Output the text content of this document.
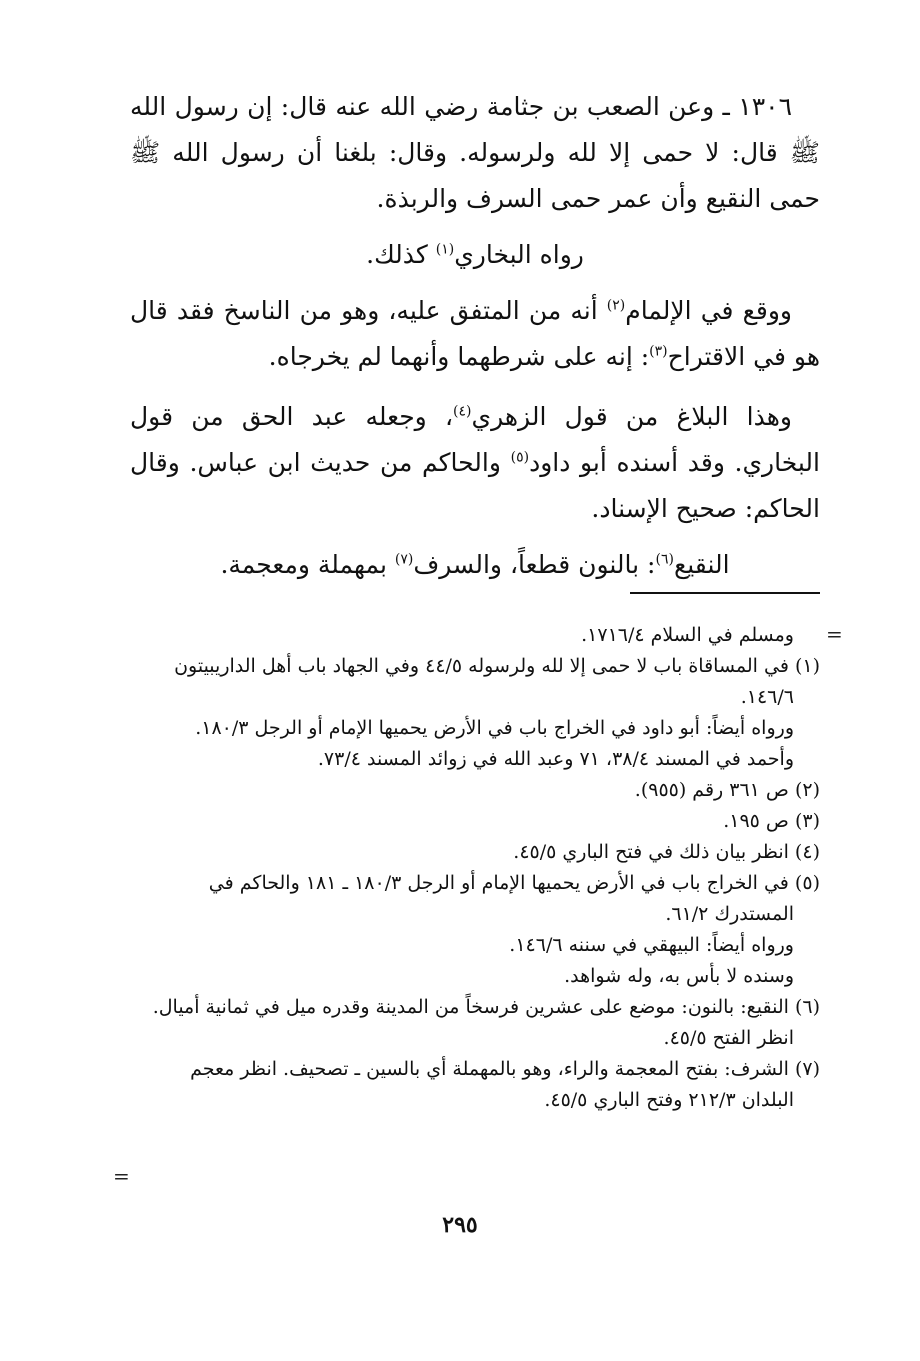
١٣٠٦ ـ وعن الصعب بن جثامة رضي الله عنه قال: إن رسول الله ﷺ قال: لا حمى إلا لله ولرسوله. وقال: بلغنا أن رسول الله ﷺ حمى النقيع وأن عمر حمى السرف والربذة.

رواه البخاري$^{(١)}$ كذلك.

ووقع في الإلمام$^{(٢)}$ أنه من المتفق عليه، وهو من الناسخ فقد قال هو في الاقتراح$^{(٣)}$: إنه على شرطهما وأنهما لم يخرجاه.

وهذا البلاغ من قول الزهري$^{(٤)}$، وجعله عبد الحق من قول البخاري. وقد أسنده أبو داود$^{(٥)}$ والحاكم من حديث ابن عباس. وقال الحاكم: صحيح الإسناد.

النقيع$^{(٦)}$: بالنون قطعاً، والسرف$^{(٧)}$ بمهملة ومعجمة.

ومسلم في السلام ١٧١٦/٤.
(١) في المساقاة باب لا حمى إلا لله ولرسوله ٤٤/٥ وفي الجهاد باب أهل الداريبيتون
١٤٦/٦.
ورواه أيضاً: أبو داود في الخراج باب في الأرض يحميها الإمام أو الرجل ١٨٠/٣.
وأحمد في المسند ٣٨/٤، ٧١ وعبد الله في زوائد المسند ٧٣/٤.
(٢) ص ٣٦١ رقم (٩٥٥).
(٣) ص ١٩٥.
(٤) انظر بيان ذلك في فتح الباري ٤٥/٥.
(٥) في الخراج باب في الأرض يحميها الإمام أو الرجل ١٨٠/٣ ـ ١٨١ والحاكم في
المستدرك ٦١/٢.
ورواه أيضاً: البيهقي في سننه ١٤٦/٦.
وسنده لا بأس به، وله شواهد.
(٦) النقيع: بالنون: موضع على عشرين فرسخاً من المدينة وقدره ميل في ثمانية أميال.
انظر الفتح ٤٥/٥.
(٧) الشرف: بفتح المعجمة والراء، وهو بالمهملة أي بالسين ـ تصحيف. انظر معجم
البلدان ٢١٢/٣ وفتح الباري ٤٥/٥.
=
=
٢٩٥
